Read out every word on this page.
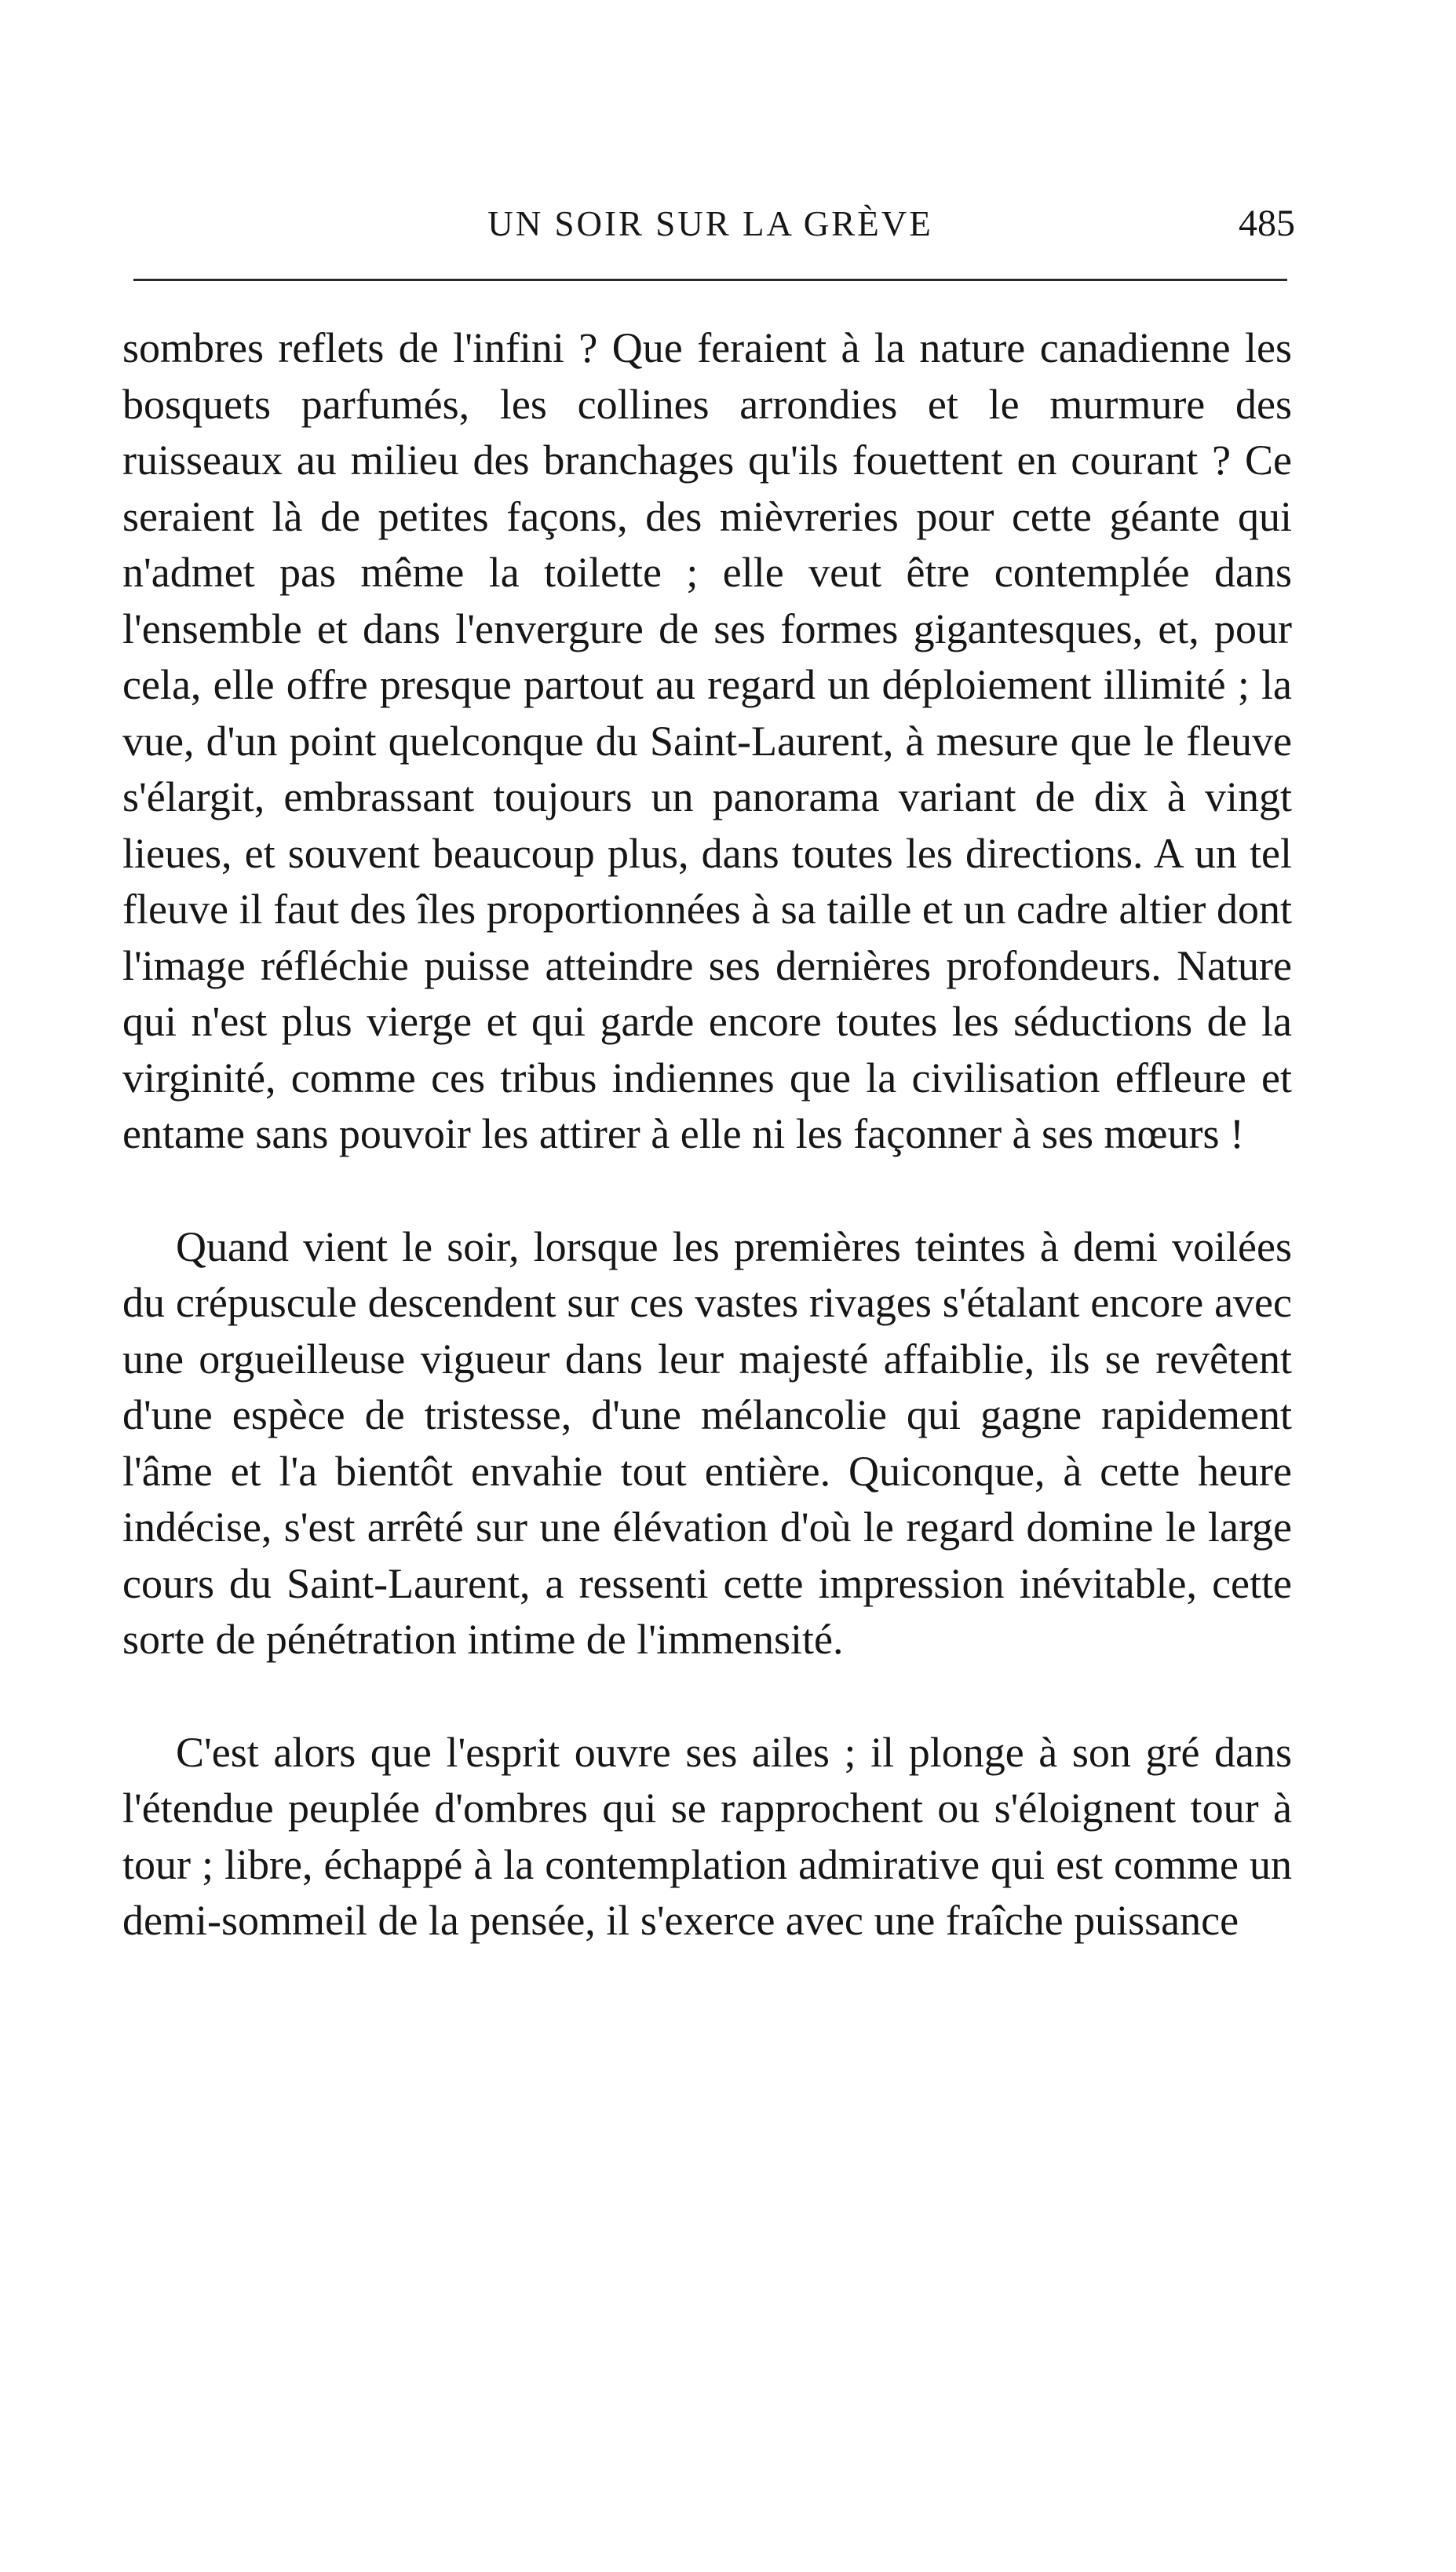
UN SOIR SUR LA GRÈVE	485

sombres reflets de l'infini ? Que feraient à la nature canadienne les bosquets parfumés, les collines arrondies et le murmure des ruisseaux au milieu des branchages qu'ils fouettent en courant ? Ce seraient là de petites façons, des mièvreries pour cette géante qui n'admet pas même la toilette ; elle veut être contemplée dans l'ensemble et dans l'envergure de ses formes gigantesques, et, pour cela, elle offre presque partout au regard un déploiement illimité ; la vue, d'un point quelconque du Saint-Laurent, à mesure que le fleuve s'élargit, embrassant toujours un panorama variant de dix à vingt lieues, et souvent beaucoup plus, dans toutes les directions. A un tel fleuve il faut des îles proportionnées à sa taille et un cadre altier dont l'image réfléchie puisse atteindre ses dernières profondeurs. Nature qui n'est plus vierge et qui garde encore toutes les séductions de la virginité, comme ces tribus indiennes que la civilisation effleure et entame sans pouvoir les attirer à elle ni les façonner à ses mœurs !

Quand vient le soir, lorsque les premières teintes à demi voilées du crépuscule descendent sur ces vastes rivages s'étalant encore avec une orgueilleuse vigueur dans leur majesté affaiblie, ils se revêtent d'une espèce de tristesse, d'une mélancolie qui gagne rapidement l'âme et l'a bientôt envahie tout entière. Quiconque, à cette heure indécise, s'est arrêté sur une élévation d'où le regard domine le large cours du Saint-Laurent, a ressenti cette impression inévitable, cette sorte de pénétration intime de l'immensité.

C'est alors que l'esprit ouvre ses ailes ; il plonge à son gré dans l'étendue peuplée d'ombres qui se rapprochent ou s'éloignent tour à tour ; libre, échappé à la contemplation admirative qui est comme un demi-sommeil de la pensée, il s'exerce avec une fraîche puissance
